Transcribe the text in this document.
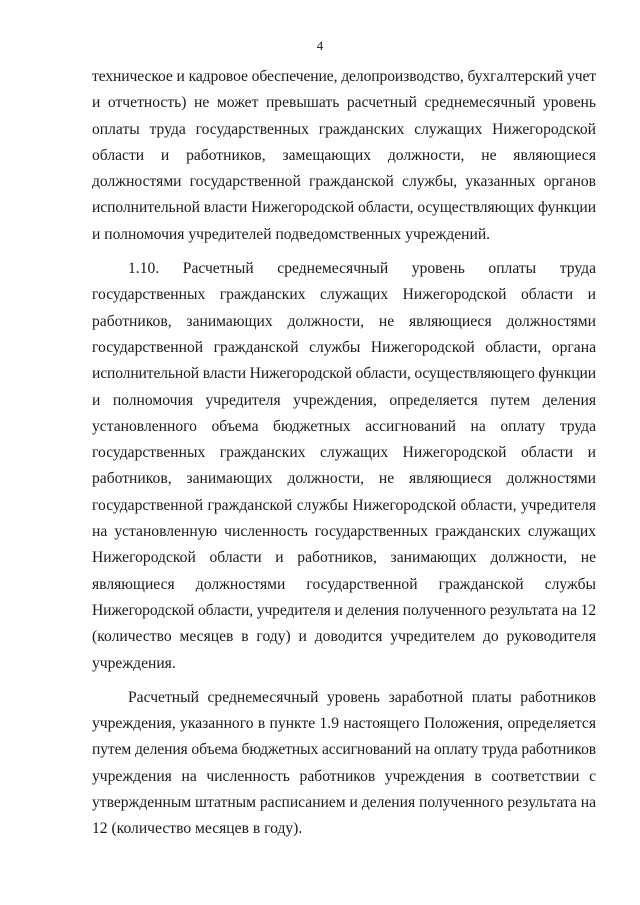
4

техническое и кадровое обеспечение, делопроизводство, бухгалтерский учет
и отчетность) не может превышать расчетный среднемесячный уровень
оплаты труда государственных гражданских служащих Нижегородской
области и работников, замещающих должности, не являющиеся
должностями государственной гражданской службы, указанных органов
исполнительной власти Нижегородской области, осуществляющих функции
и полномочия учредителей подведомственных учреждений.

1.10. Расчетный среднемесячный уровень оплаты труда
государственных гражданских служащих Нижегородской области и
работников, занимающих должности, не являющиеся должностями
государственной гражданской службы Нижегородской области, органа
исполнительной власти Нижегородской области, осуществляющего функции
и полномочия учредителя учреждения, определяется путем деления
установленного объема бюджетных ассигнований на оплату труда
государственных гражданских служащих Нижегородской области и
работников, занимающих должности, не являющиеся должностями
государственной гражданской службы Нижегородской области, учредителя
на установленную численность государственных гражданских служащих
Нижегородской области и работников, занимающих должности, не
являющиеся должностями государственной гражданской службы
Нижегородской области, учредителя и деления полученного результата на 12
(количество месяцев в году) и доводится учредителем до руководителя
учреждения.

Расчетный среднемесячный уровень заработной платы работников
учреждения, указанного в пункте 1.9 настоящего Положения, определяется
путем деления объема бюджетных ассигнований на оплату труда работников
учреждения на численность работников учреждения в соответствии с
утвержденным штатным расписанием и деления полученного результата на
12 (количество месяцев в году).
